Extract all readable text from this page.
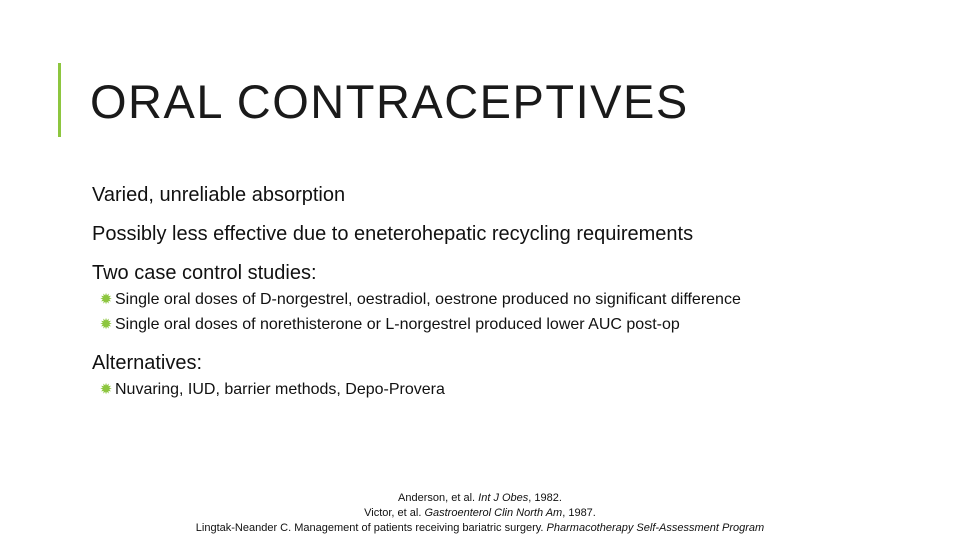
ORAL CONTRACEPTIVES
Varied, unreliable absorption
Possibly less effective due to eneterohepatic recycling requirements
Two case control studies:
✹ Single oral doses of D-norgestrel, oestradiol, oestrone produced no significant difference
✹ Single oral doses of norethisterone or L-norgestrel produced lower AUC post-op
Alternatives:
✹ Nuvaring, IUD, barrier methods, Depo-Provera
Anderson, et al. Int J Obes, 1982.
Victor, et al. Gastroenterol Clin North Am, 1987.
Lingtak-Neander C. Management of patients receiving bariatric surgery. Pharmacotherapy Self-Assessment Program
